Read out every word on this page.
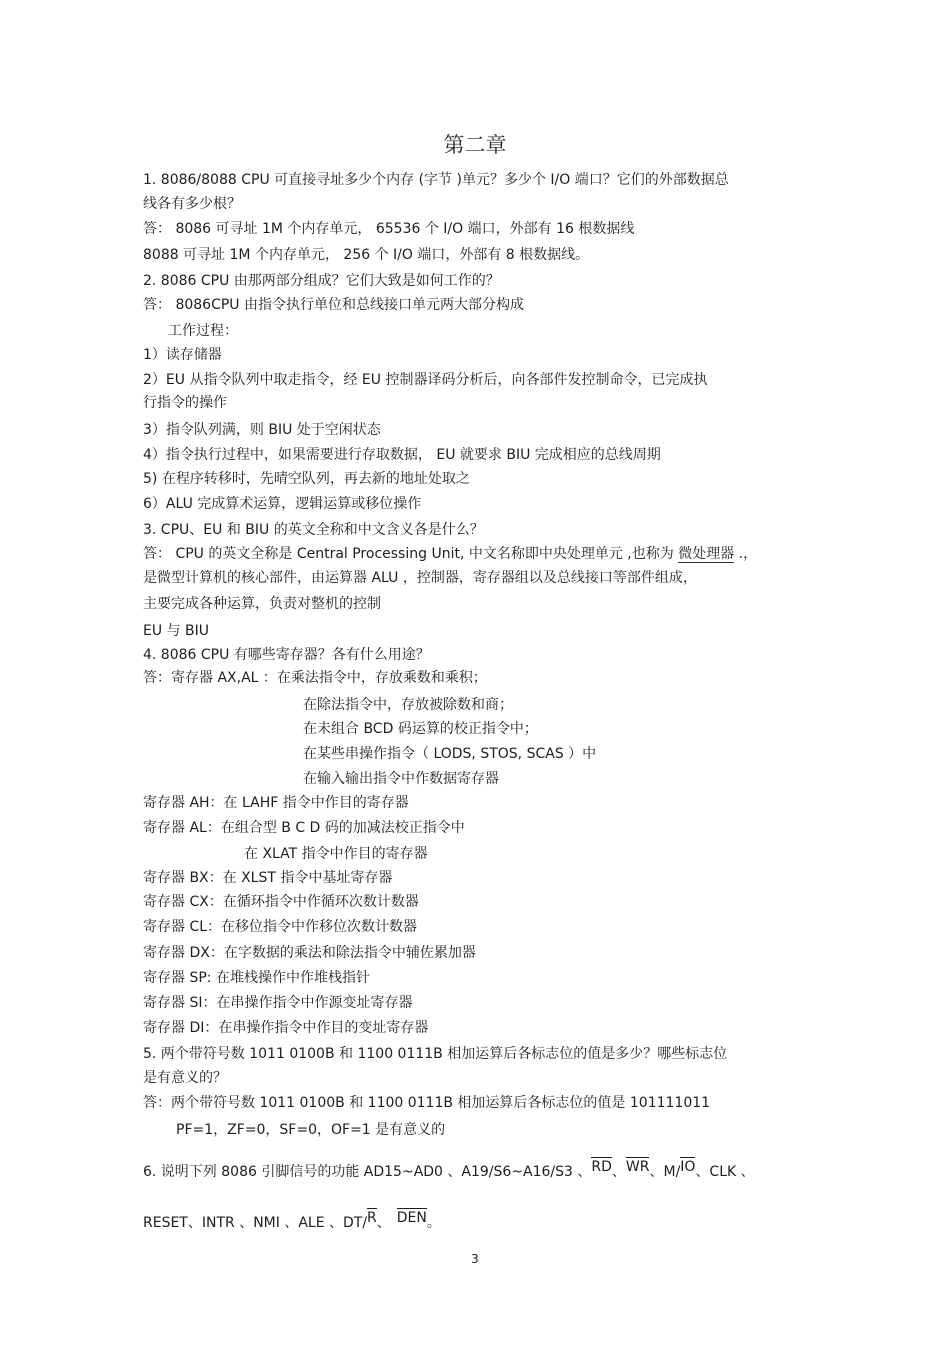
第二章
1. 8086/8088 CPU 可直接寻址多少个内存 (字节 )单元？多少个 I/O 端口？它们的外部数据总
线各有多少根？
答： 8086 可寻址 1M 个内存单元， 65536 个 I/O 端口，外部有 16 根数据线
8088 可寻址 1M 个内存单元， 256 个 I/O 端口，外部有 8 根数据线。
2. 8086 CPU 由那两部分组成？它们大致是如何工作的？
答： 8086CPU 由指令执行单位和总线接口单元两大部分构成
工作过程：
1）读存储器
2）EU 从指令队列中取走指令，经 EU 控制器译码分析后，向各部件发控制命令，已完成执
行指令的操作
3）指令队列满，则 BIU 处于空闲状态
4）指令执行过程中，如果需要进行存取数据， EU 就要求 BIU 完成相应的总线周期
5) 在程序转移时，先晴空队列，再去新的地址处取之
6）ALU 完成算术运算，逻辑运算或移位操作
3. CPU、EU 和 BIU 的英文全称和中文含义各是什么？
答： CPU 的英文全称是 Central Processing Unit, 中文名称即中央处理单元 ,也称为 微处理器 .，
是微型计算机的核心部件，由运算器 ALU ，控制器，寄存器组以及总线接口等部件组成，
主要完成各种运算，负责对整机的控制
EU 与 BIU
4. 8086 CPU 有哪些寄存器？各有什么用途？
答：寄存器 AX,AL ：在乘法指令中，存放乘数和乘积；
在除法指令中，存放被除数和商；
在未组合 BCD 码运算的校正指令中；
在某些串操作指令（ LODS, STOS, SCAS ）中
在输入输出指令中作数据寄存器
寄存器 AH：在 LAHF 指令中作目的寄存器
寄存器 AL：在组合型 B C D 码的加减法校正指令中
在 XLAT 指令中作目的寄存器
寄存器 BX：在 XLST 指令中基址寄存器
寄存器 CX：在循环指令中作循环次数计数器
寄存器 CL：在移位指令中作移位次数计数器
寄存器 DX：在字数据的乘法和除法指令中辅佐累加器
寄存器 SP: 在堆栈操作中作堆栈指针
寄存器 SI：在串操作指令中作源变址寄存器
寄存器 DI：在串操作指令中作目的变址寄存器
5. 两个带符号数 1011 0100B 和 1100 0111B 相加运算后各标志位的值是多少？哪些标志位
是有意义的？
答：两个带符号数 1011 0100B 和 1100 0111B 相加运算后各标志位的值是 101111011
PF=1，ZF=0，SF=0，OF=1 是有意义的
6. 说明下列 8086 引脚信号的功能 AD15~AD0 、A19/S6~A16/S3 、RD、WR、M/IO、CLK 、
RESET、INTR 、NMI 、ALE 、DT/R、 DEN。
3
